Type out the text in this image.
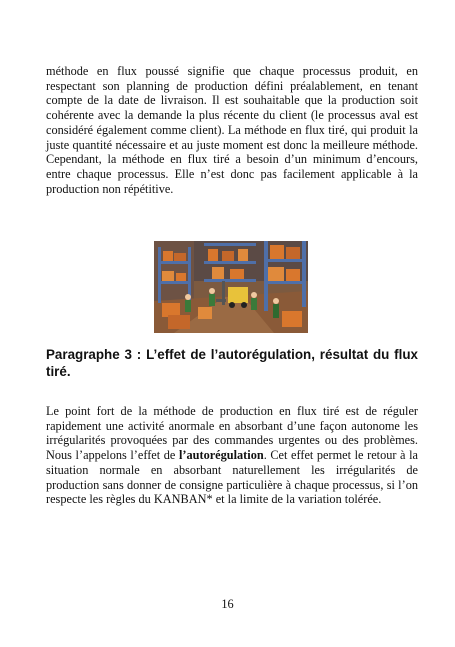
méthode en flux poussé signifie que chaque processus produit, en respectant son planning de production défini préalablement, en tenant compte de la date de livraison. Il est souhaitable que la production soit cohérente avec la demande la plus récente du client (le processus aval est considéré également comme client). La méthode en flux tiré, qui produit la juste quantité nécessaire et au juste moment est donc la meilleure méthode. Cependant, la méthode en flux tiré a besoin d’un minimum d’encours, entre chaque processus. Elle n’est donc pas facilement applicable à la production non répétitive.

Paragraphe 3 : L’effet de l’autorégulation, résultat du flux tiré.

Le point fort de la méthode de production en flux tiré est de réguler rapidement une activité anormale en absorbant d’une façon autonome les irrégularités provoquées par des commandes urgentes ou des problèmes. Nous l’appelons l’effet de l’autorégulation. Cet effet permet le retour à la situation normale en absorbant naturellement les irrégularités de production sans donner de consigne particulière à chaque processus, si l’on respecte les règles du KANBAN* et la limite de la variation tolérée.

16
